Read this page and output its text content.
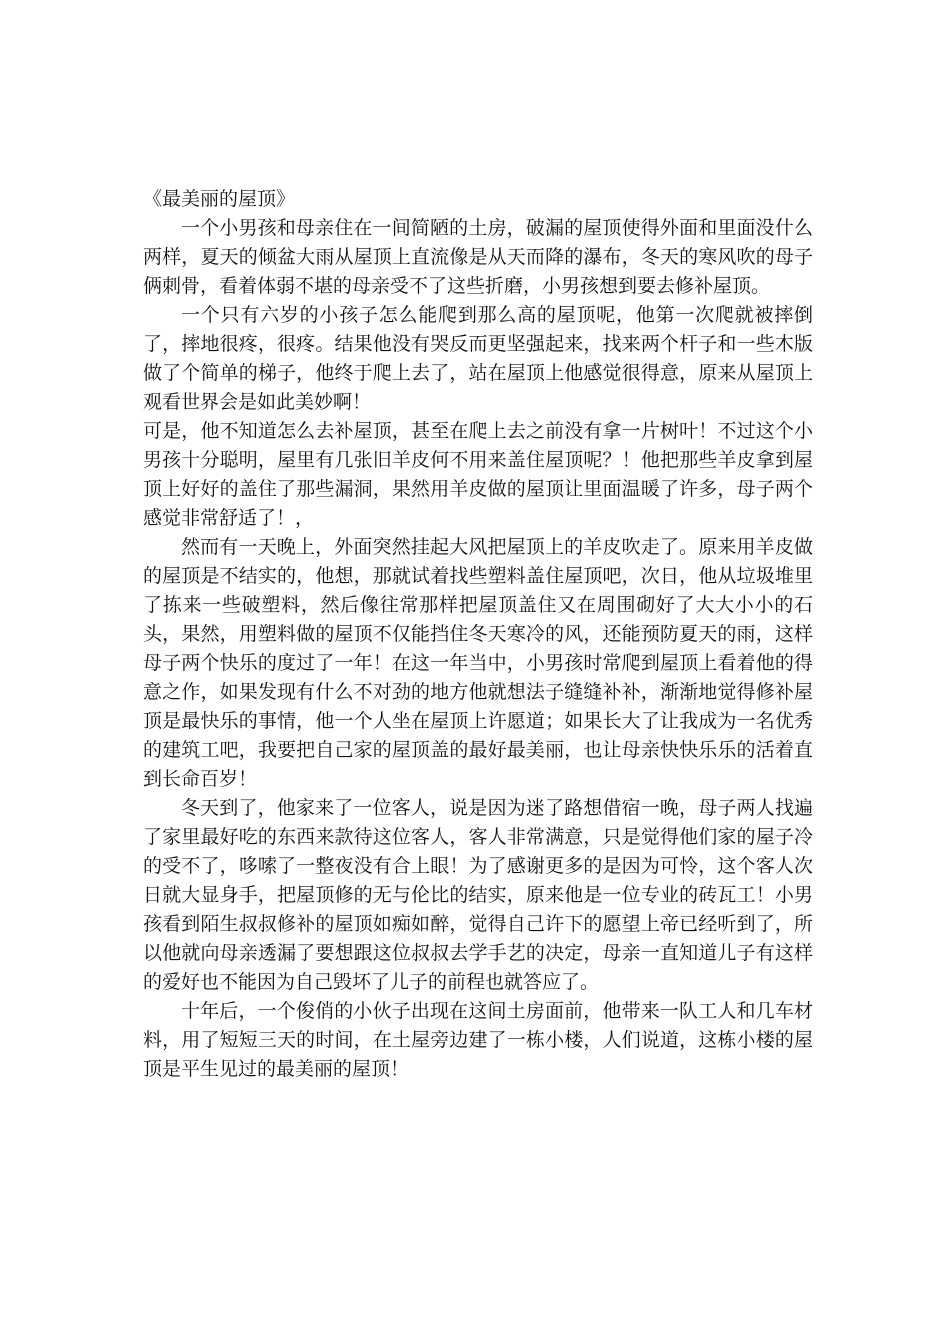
《最美丽的屋顶》

一个小男孩和母亲住在一间简陋的土房，破漏的屋顶使得外面和里面没什么两样，夏天的倾盆大雨从屋顶上直流像是从天而降的瀑布，冬天的寒风吹的母子俩刺骨，看着体弱不堪的母亲受不了这些折磨，小男孩想到要去修补屋顶。

一个只有六岁的小孩子怎么能爬到那么高的屋顶呢，他第一次爬就被摔倒了，摔地很疼，很疼。结果他没有哭反而更坚强起来，找来两个杆子和一些木版做了个简单的梯子，他终于爬上去了，站在屋顶上他感觉很得意，原来从屋顶上观看世界会是如此美妙啊！

可是，他不知道怎么去补屋顶，甚至在爬上去之前没有拿一片树叶！不过这个小男孩十分聪明，屋里有几张旧羊皮何不用来盖住屋顶呢？！他把那些羊皮拿到屋顶上好好的盖住了那些漏洞，果然用羊皮做的屋顶让里面温暖了许多，母子两个感觉非常舒适了！，

然而有一天晚上，外面突然挂起大风把屋顶上的羊皮吹走了。原来用羊皮做的屋顶是不结实的，他想，那就试着找些塑料盖住屋顶吧，次日，他从垃圾堆里了拣来一些破塑料，然后像往常那样把屋顶盖住又在周围砌好了大大小小的石头，果然，用塑料做的屋顶不仅能挡住冬天寒冷的风，还能预防夏天的雨，这样母子两个快乐的度过了一年！在这一年当中，小男孩时常爬到屋顶上看着他的得意之作，如果发现有什么不对劲的地方他就想法子缝缝补补，渐渐地觉得修补屋顶是最快乐的事情，他一个人坐在屋顶上许愿道；如果长大了让我成为一名优秀的建筑工吧，我要把自己家的屋顶盖的最好最美丽，也让母亲快快乐乐的活着直到长命百岁！

冬天到了，他家来了一位客人，说是因为迷了路想借宿一晚，母子两人找遍了家里最好吃的东西来款待这位客人，客人非常满意，只是觉得他们家的屋子冷的受不了，哆嗦了一整夜没有合上眼！为了感谢更多的是因为可怜，这个客人次日就大显身手，把屋顶修的无与伦比的结实，原来他是一位专业的砖瓦工！小男孩看到陌生叔叔修补的屋顶如痴如醉，觉得自己许下的愿望上帝已经听到了，所以他就向母亲透漏了要想跟这位叔叔去学手艺的决定，母亲一直知道儿子有这样的爱好也不能因为自己毁坏了儿子的前程也就答应了。

十年后，一个俊俏的小伙子出现在这间土房面前，他带来一队工人和几车材料，用了短短三天的时间，在土屋旁边建了一栋小楼，人们说道，这栋小楼的屋顶是平生见过的最美丽的屋顶！
